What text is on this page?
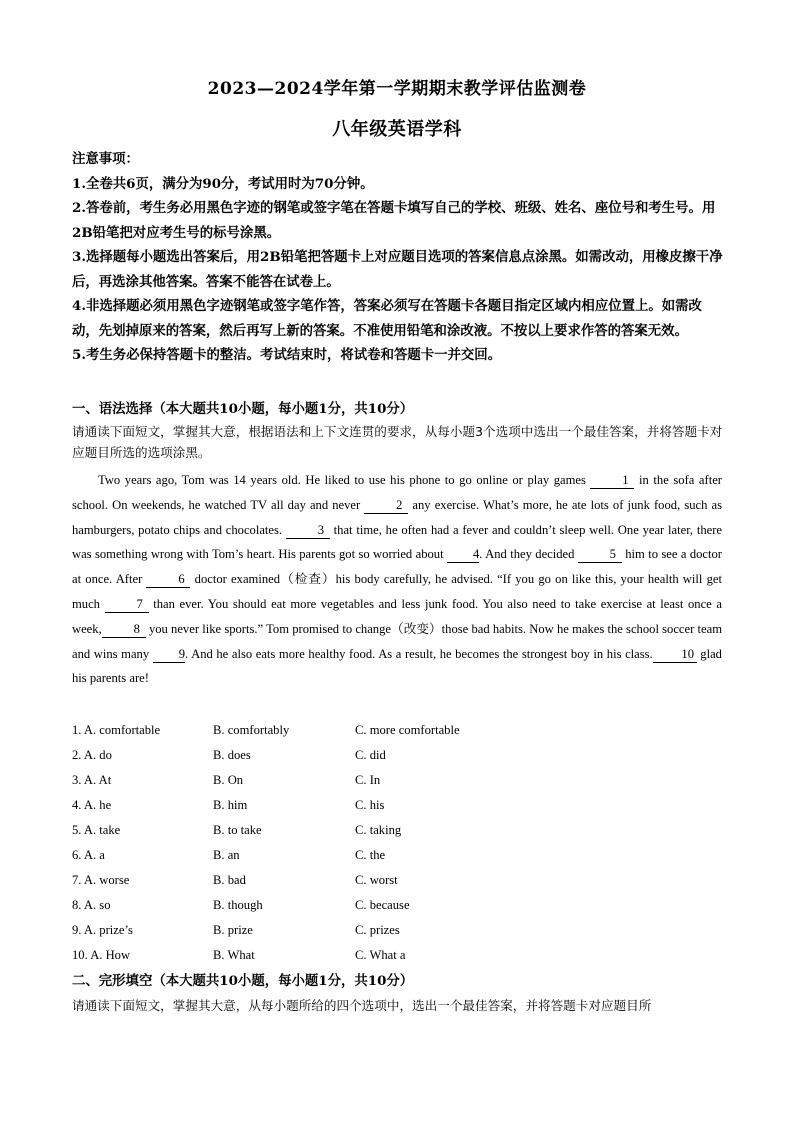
2023—2024学年第一学期期末教学评估监测卷
八年级英语学科

注意事项：

1.全卷共6页，满分为90分，考试用时为70分钟。

2.答卷前，考生务必用黑色字迹的钢笔或签字笔在答题卡填写自己的学校、班级、姓名、座位号和考生号。用2B铅笔把对应考生号的标号涂黑。

3.选择题每小题选出答案后，用2B铅笔把答题卡上对应题目选项的答案信息点涂黑。如需改动，用橡皮擦干净后，再选涂其他答案。答案不能答在试卷上。

4.非选择题必须用黑色字迹钢笔或签字笔作答，答案必须写在答题卡各题目指定区域内相应位置上。如需改动，先划掉原来的答案，然后再写上新的答案。不准使用铅笔和涂改液。不按以上要求作答的答案无效。

5.考生务必保持答题卡的整洁。考试结束时，将试卷和答题卡一并交回。

一、语法选择（本大题共10小题，每小题1分，共10分）
请通读下面短文，掌握其大意，根据语法和上下文连贯的要求，从每小题3个选项中选出一个最佳答案，并将答题卡对应题目所选的选项涂黑。
Two years ago, Tom was 14 years old. He liked to use his phone to go online or play games	1 in the sofa after school. On weekends, he watched TV all day and never	2 any exercise. What’s more, he ate lots of junk food, such as hamburgers, potato chips and chocolates.	3 that time, he often had a fever and couldn’t sleep well. One year later, there was something wrong with Tom’s heart. His parents got so worried about 4. And they decided	5 him to see a doctor at once. After	6 doctor examined（检查）his body carefully, he advised. “If you go on like this, your health will get much	7 than ever. You should eat more vegetables and less junk food. You also need to take exercise at least once a week,	8 you never like sports.” Tom promised to change（改变）those bad habits. Now he makes the school soccer team and wins many 9. And he also eats more healthy food. As a result, he becomes the strongest boy in his class. 10 glad his parents are!
1. A. comfortable	B. comfortably	C. more comfortable
2. A. do	B. does	C. did
3. A. At	B. On	C. In
4. A. he	B. him	C. his
5. A. take	B. to take	C. taking
6. A. a	B. an	C. the
7. A. worse	B. bad	C. worst
8. A. so	B. though	C. because
9. A. prize’s	B. prize	C. prizes
10. A. How	B. What	C. What a
二、完形填空（本大题共10小题，每小题1分，共10分）
请通读下面短文，掌握其大意，从每小题所给的四个选项中，选出一个最佳答案，并将答题卡对应题目所
